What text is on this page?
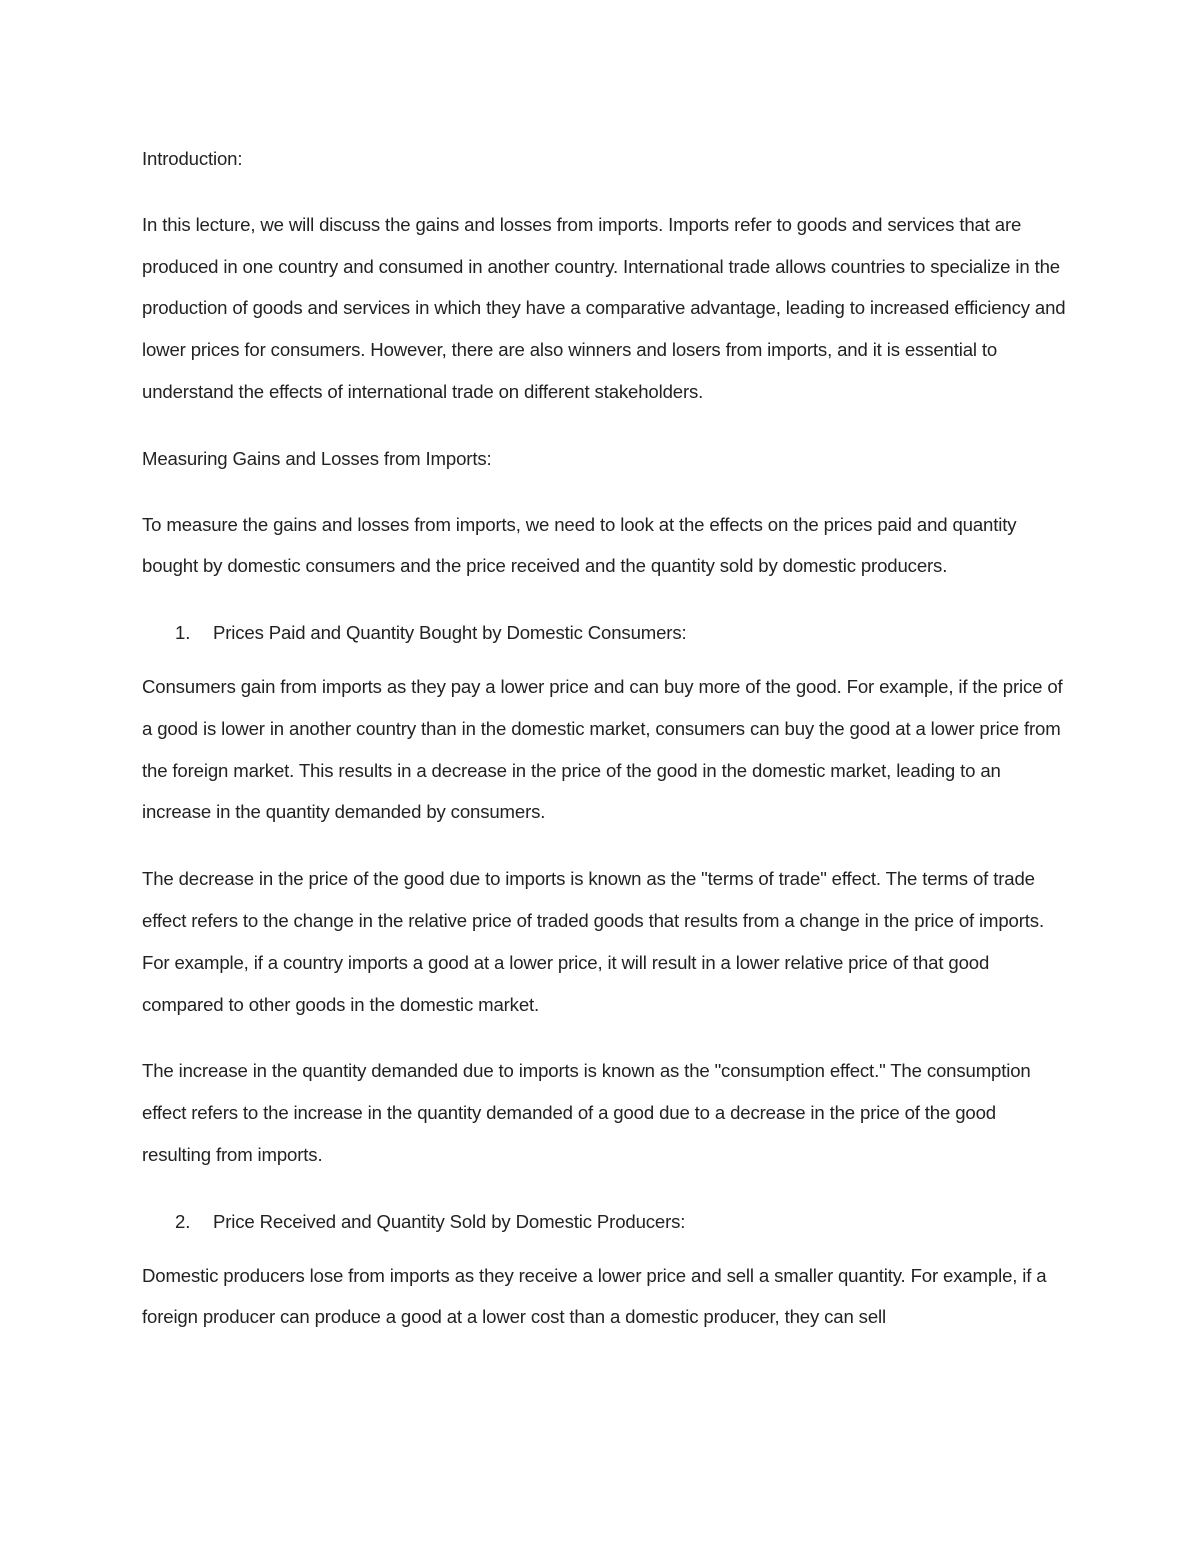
Introduction:

In this lecture, we will discuss the gains and losses from imports. Imports refer to goods and services that are produced in one country and consumed in another country. International trade allows countries to specialize in the production of goods and services in which they have a comparative advantage, leading to increased efficiency and lower prices for consumers. However, there are also winners and losers from imports, and it is essential to understand the effects of international trade on different stakeholders.

Measuring Gains and Losses from Imports:

To measure the gains and losses from imports, we need to look at the effects on the prices paid and quantity bought by domestic consumers and the price received and the quantity sold by domestic producers.

1.	Prices Paid and Quantity Bought by Domestic Consumers:

Consumers gain from imports as they pay a lower price and can buy more of the good. For example, if the price of a good is lower in another country than in the domestic market, consumers can buy the good at a lower price from the foreign market. This results in a decrease in the price of the good in the domestic market, leading to an increase in the quantity demanded by consumers.

The decrease in the price of the good due to imports is known as the "terms of trade" effect. The terms of trade effect refers to the change in the relative price of traded goods that results from a change in the price of imports. For example, if a country imports a good at a lower price, it will result in a lower relative price of that good compared to other goods in the domestic market.

The increase in the quantity demanded due to imports is known as the "consumption effect." The consumption effect refers to the increase in the quantity demanded of a good due to a decrease in the price of the good resulting from imports.

2.	Price Received and Quantity Sold by Domestic Producers:

Domestic producers lose from imports as they receive a lower price and sell a smaller quantity. For example, if a foreign producer can produce a good at a lower cost than a domestic producer, they can sell
